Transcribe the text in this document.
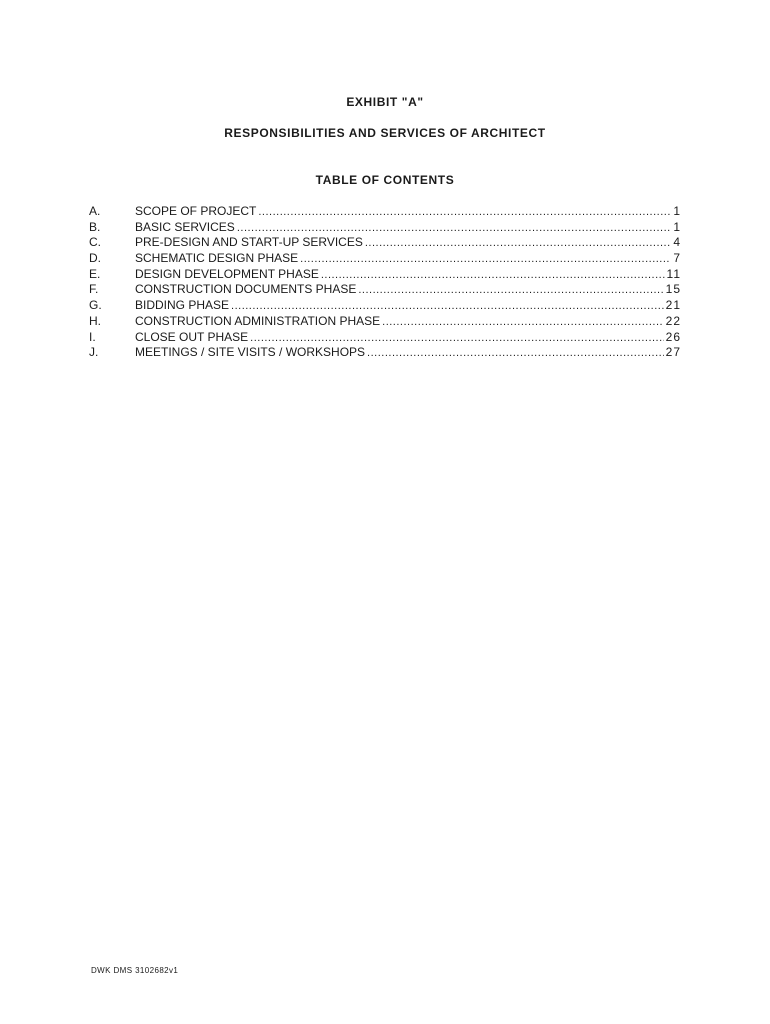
EXHIBIT "A"
RESPONSIBILITIES AND SERVICES OF ARCHITECT
TABLE OF CONTENTS
A.	SCOPE OF PROJECT .....	1
B.	BASIC SERVICES .....	1
C.	PRE-DESIGN AND START-UP SERVICES .....	4
D.	SCHEMATIC DESIGN PHASE .....	7
E.	DESIGN DEVELOPMENT PHASE .....	11
F.	CONSTRUCTION DOCUMENTS PHASE .....	15
G.	BIDDING PHASE .....	21
H.	CONSTRUCTION ADMINISTRATION PHASE .....	22
I.	CLOSE OUT PHASE .....	26
J.	MEETINGS / SITE VISITS / WORKSHOPS .....	27
DWK DMS 3102682v1
